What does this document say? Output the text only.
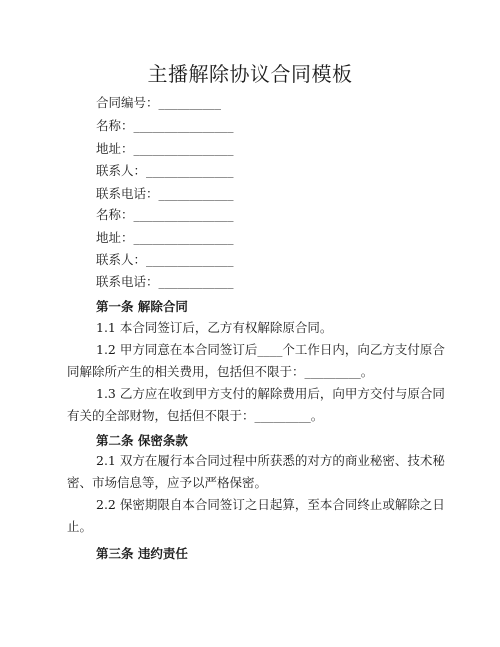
主播解除协议合同模板
合同编号：__________
名称：________________
地址：________________
联系人：______________
联系电话：____________
名称：________________
地址：________________
联系人：______________
联系电话：____________
第一条 解除合同
1.1 本合同签订后，乙方有权解除原合同。
1.2 甲方同意在本合同签订后____个工作日内，向乙方支付原合
同解除所产生的相关费用，包括但不限于：_________。
1.3 乙方应在收到甲方支付的解除费用后，向甲方交付与原合同
有关的全部财物，包括但不限于：_________。
第二条 保密条款
2.1 双方在履行本合同过程中所获悉的对方的商业秘密、技术秘
密、市场信息等，应予以严格保密。
2.2 保密期限自本合同签订之日起算，至本合同终止或解除之日
止。
第三条 违约责任
